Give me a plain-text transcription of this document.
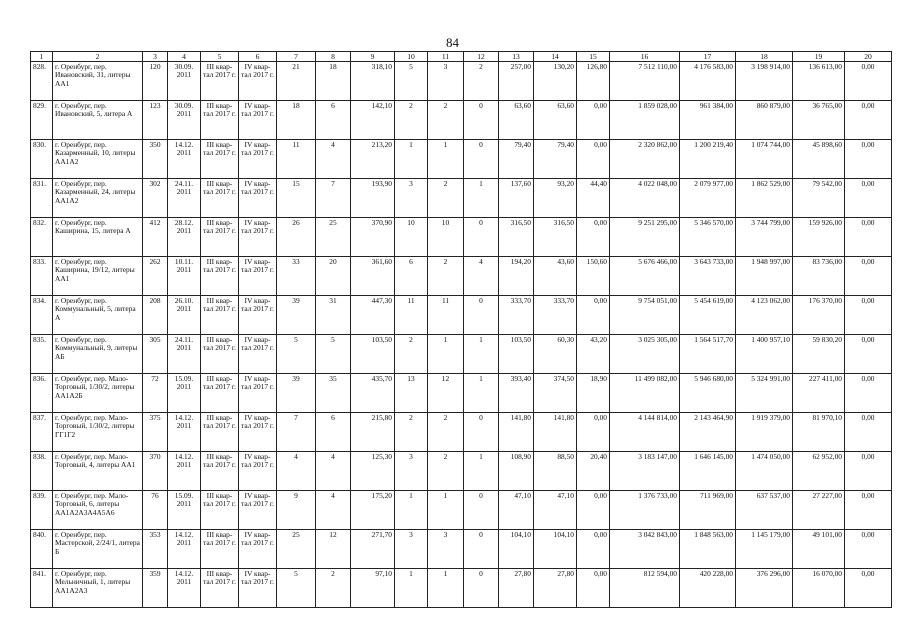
84
1	2	3	4	5	6	7	8	9	10	11	12	13	14	15	16	17	18	19	20
828.	г. Оренбург, пер. Ивановский, 31, литеры АА1	120	30.09. 2011	III квар- тал 2017 г.	IV квар- тал 2017 г.	21	18	318,10	5	3	2	257,00	130,20	126,80	7 512 110,00	4 176 583,00	3 198 914,00	136 613,00	0,00
829.	г. Оренбург, пер. Ивановский, 5, литера А	123	30.09. 2011	III квар- тал 2017 г.	IV квар- тал 2017 г.	18	6	142,10	2	2	0	63,60	63,60	0,00	1 859 028,00	961 384,00	860 879,00	36 765,00	0,00
830.	г. Оренбург, пер. Казарменный, 10, литеры АА1А2	350	14.12. 2011	III квар- тал 2017 г.	IV квар- тал 2017 г.	11	4	213,20	1	1	0	79,40	79,40	0,00	2 320 862,00	1 200 219,40	1 074 744,00	45 898,60	0,00
831.	г. Оренбург, пер. Казарменный, 24, литеры АА1А2	302	24.11. 2011	III квар- тал 2017 г.	IV квар- тал 2017 г.	15	7	193,90	3	2	1	137,60	93,20	44,40	4 022 048,00	2 079 977,00	1 862 529,00	79 542,00	0,00
832.	г. Оренбург, пер. Каширина, 15, литера А	412	28.12. 2011	III квар- тал 2017 г.	IV квар- тал 2017 г.	26	25	370,90	10	10	0	316,50	316,50	0,00	9 251 295,00	5 346 570,00	3 744 799,00	159 926,00	0,00
833.	г. Оренбург, пер. Каширина, 19/12, литеры АА1	262	10.11. 2011	III квар- тал 2017 г.	IV квар- тал 2017 г.	33	20	361,60	6	2	4	194,20	43,60	150,60	5 676 466,00	3 643 733,00	1 948 997,00	83 736,00	0,00
834.	г. Оренбург, пер. Коммунальный, 5, литера А	208	26.10. 2011	III квар- тал 2017 г.	IV квар- тал 2017 г.	39	31	447,30	11	11	0	333,70	333,70	0,00	9 754 051,00	5 454 619,00	4 123 062,00	176 370,00	0,00
835.	г. Оренбург, пер. Коммунальный, 9, литеры АБ	305	24.11. 2011	III квар- тал 2017 г.	IV квар- тал 2017 г.	5	5	103,50	2	1	1	103,50	60,30	43,20	3 025 305,00	1 564 517,70	1 400 957,10	59 830,20	0,00
836.	г. Оренбург, пер. Мало- Торговый, 1/30/2, литеры АА1А2Б	72	15.09. 2011	III квар- тал 2017 г.	IV квар- тал 2017 г.	39	35	435,70	13	12	1	393,40	374,50	18,90	11 499 082,00	5 946 680,00	5 324 991,00	227 411,00	0,00
837.	г. Оренбург, пер. Мало- Торговый, 1/30/2, литеры ГГ1Г2	375	14.12. 2011	III квар- тал 2017 г.	IV квар- тал 2017 г.	7	6	215,80	2	2	0	141,80	141,80	0,00	4 144 814,00	2 143 464,90	1 919 379,00	81 970,10	0,00
838.	г. Оренбург, пер. Мало- Торговый, 4, литеры АА1	370	14.12. 2011	III квар- тал 2017 г.	IV квар- тал 2017 г.	4	4	125,30	3	2	1	108,90	88,50	20,40	3 183 147,00	1 646 145,00	1 474 050,00	62 952,00	0,00
839.	г. Оренбург, пер. Мало- Торговый, 6, литеры АА1А2А3А4А5А6	76	15.09. 2011	III квар- тал 2017 г.	IV квар- тал 2017 г.	9	4	175,20	1	1	0	47,10	47,10	0,00	1 376 733,00	711 969,00	637 537,00	27 227,00	0,00
840.	г. Оренбург, пер. Мастерской, 2/24/1, литера Б	353	14.12. 2011	III квар- тал 2017 г.	IV квар- тал 2017 г.	25	12	271,70	3	3	0	104,10	104,10	0,00	3 042 843,00	1 848 563,00	1 145 179,00	49 101,00	0,00
841.	г. Оренбург, пер. Мельничный, 1, литеры АА1А2А3	359	14.12. 2011	III квар- тал 2017 г.	IV квар- тал 2017 г.	5	2	97,10	1	1	0	27,80	27,80	0,00	812 594,00	420 228,00	376 296,00	16 070,00	0,00
